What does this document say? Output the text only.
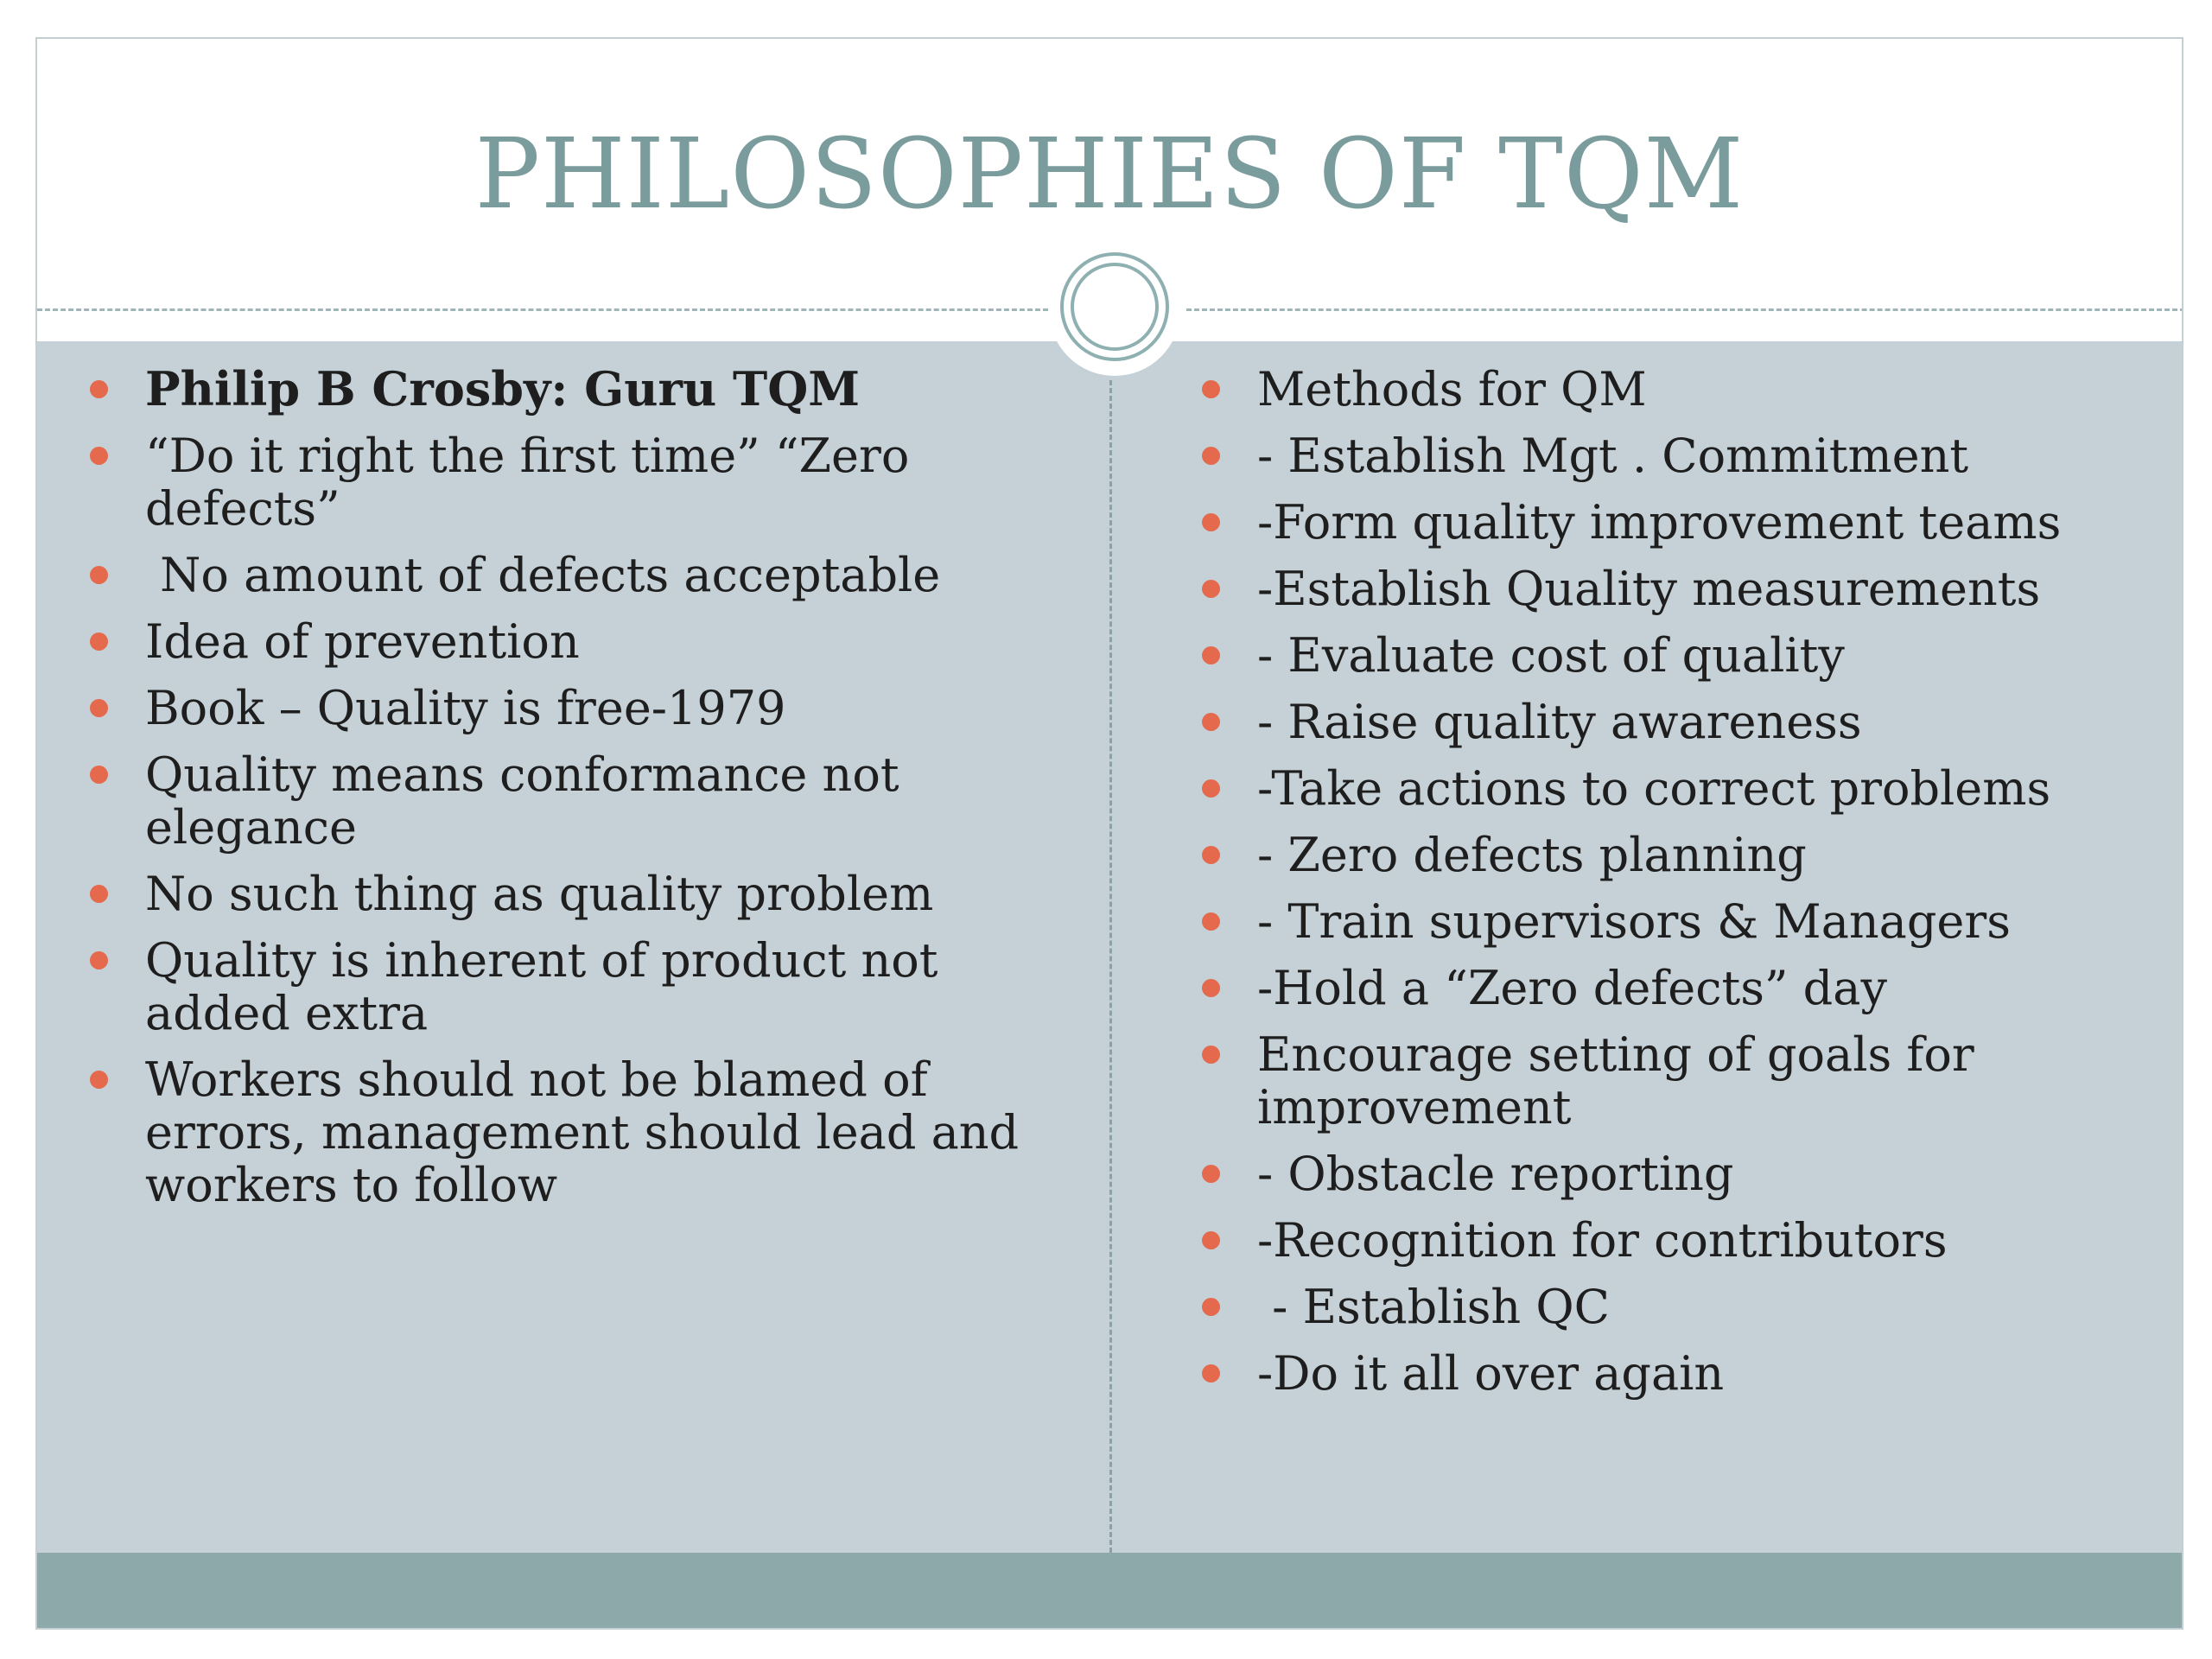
PHILOSOPHIES OF TQM
Philip B Crosby: Guru TQM
“Do it right the first time” “Zero defects”
No amount of defects acceptable
Idea of prevention
Book – Quality is free-1979
Quality means conformance not elegance
No such thing as quality problem
Quality is inherent of product not added extra
Workers should not be blamed of errors, management should lead and workers to follow
Methods for QM
- Establish Mgt . Commitment
-Form quality improvement teams
-Establish Quality measurements
- Evaluate cost of quality
- Raise quality awareness
-Take actions to correct problems
- Zero defects planning
- Train supervisors & Managers
-Hold a “Zero defects” day
Encourage setting of goals for improvement
- Obstacle reporting
-Recognition for contributors
- Establish QC
-Do it all over again
